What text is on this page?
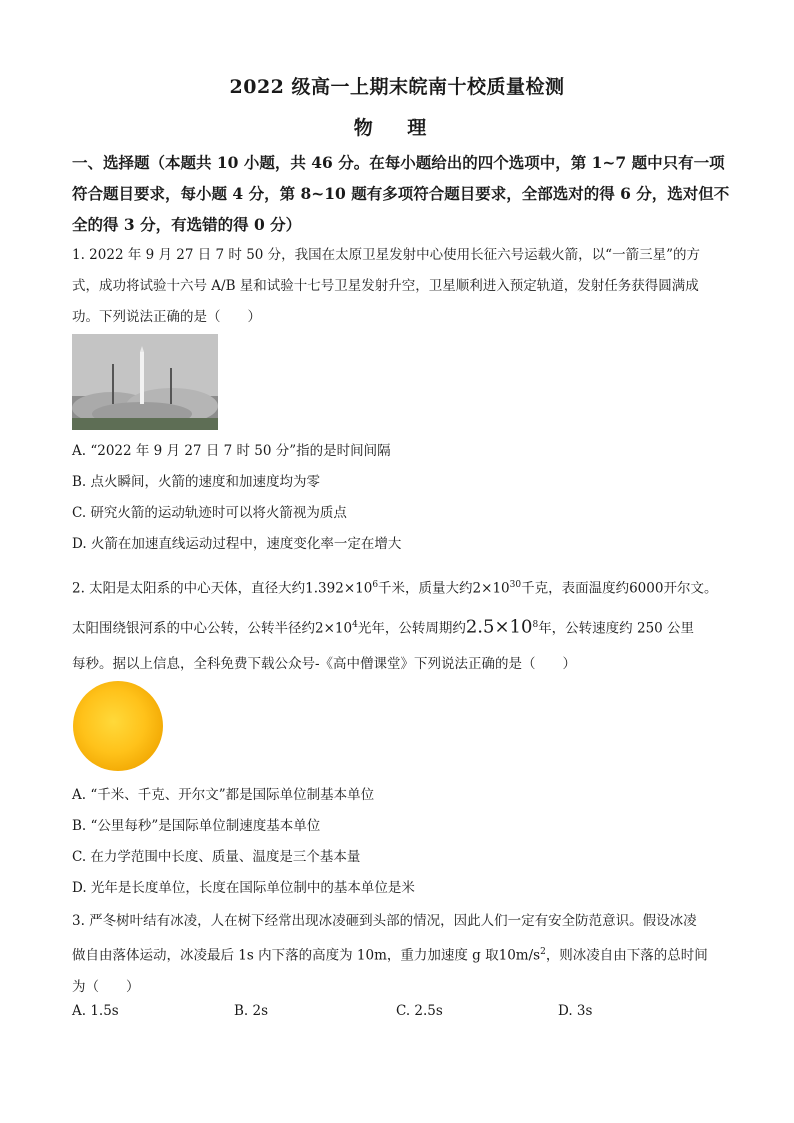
2022 级高一上期末皖南十校质量检测
物 理
一、选择题（本题共 10 小题，共 46 分。在每小题给出的四个选项中，第 1~7 题中只有一项
符合题目要求，每小题 4 分，第 8~10 题有多项符合题目要求，全部选对的得 6 分，选对但不
全的得 3 分，有选错的得 0 分）
1. 2022 年 9 月 27 日 7 时 50 分，我国在太原卫星发射中心使用长征六号运载火箭，以“一箭三星”的方
式，成功将试验十六号 A/B 星和试验十七号卫星发射升空，卫星顺利进入预定轨道，发射任务获得圆满成
功。下列说法正确的是（　　）
A. “2022 年 9 月 27 日 7 时 50 分”指的是时间间隔
B. 点火瞬间，火箭的速度和加速度均为零
C. 研究火箭的运动轨迹时可以将火箭视为质点
D. 火箭在加速直线运动过程中，速度变化率一定在增大
2. 太阳是太阳系的中心天体，直径大约$1.392\times 10^6$千米，质量大约$2\times 10^{30}$千克，表面温度约6000开尔文。
太阳围绕银河系的中心公转，公转半径约$2\times 10^4$光年，公转周期约$2.5\times 10^8$年，公转速度约 250 公里
每秒。据以上信息，全科免费下载公众号-《高中僧课堂》下列说法正确的是（　　）
A. “千米、千克、开尔文”都是国际单位制基本单位
B. “公里每秒”是国际单位制速度基本单位
C. 在力学范围中长度、质量、温度是三个基本量
D. 光年是长度单位，长度在国际单位制中的基本单位是米
3. 严冬树叶结有冰凌，人在树下经常出现冰凌砸到头部的情况，因此人们一定有安全防范意识。假设冰凌
做自由落体运动，冰凌最后 1s 内下落的高度为 10m，重力加速度 g 取$10m/s^2$，则冰凌自由下落的总时间
为（　　）
A. 1.5s	B. 2s	C. 2.5s	D. 3s
